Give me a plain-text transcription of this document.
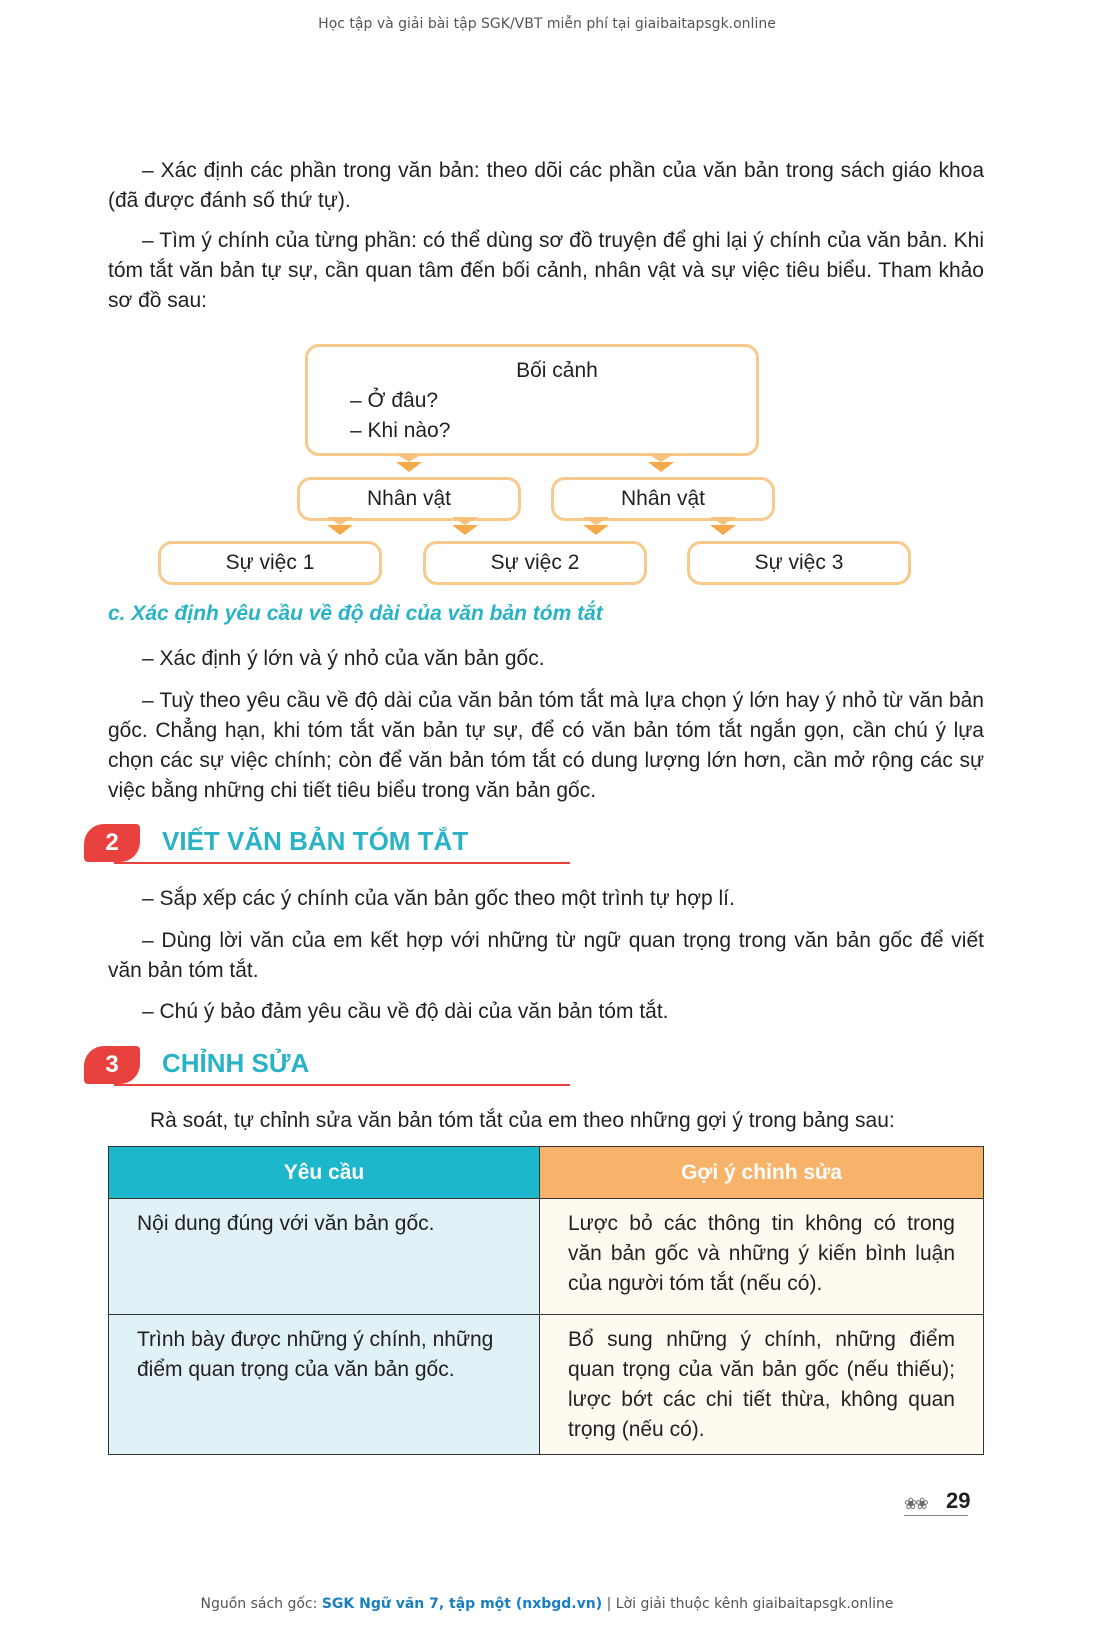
Học tập và giải bài tập SGK/VBT miễn phí tại giaibaitapsgk.online

– Xác định các phần trong văn bản: theo dõi các phần của văn bản trong sách giáo khoa (đã được đánh số thứ tự).

– Tìm ý chính của từng phần: có thể dùng sơ đồ truyện để ghi lại ý chính của văn bản. Khi tóm tắt văn bản tự sự, cần quan tâm đến bối cảnh, nhân vật và sự việc tiêu biểu. Tham khảo sơ đồ sau:

Bối cảnh
– Ở đâu?
– Khi nào?
Nhân vật	Nhân vật
Sự việc 1	Sự việc 2	Sự việc 3
c. Xác định yêu cầu về độ dài của văn bản tóm tắt

– Xác định ý lớn và ý nhỏ của văn bản gốc.

– Tuỳ theo yêu cầu về độ dài của văn bản tóm tắt mà lựa chọn ý lớn hay ý nhỏ từ văn bản gốc. Chẳng hạn, khi tóm tắt văn bản tự sự, để có văn bản tóm tắt ngắn gọn, cần chú ý lựa chọn các sự việc chính; còn để văn bản tóm tắt có dung lượng lớn hơn, cần mở rộng các sự việc bằng những chi tiết tiêu biểu trong văn bản gốc.

2	VIẾT VĂN BẢN TÓM TẮT

– Sắp xếp các ý chính của văn bản gốc theo một trình tự hợp lí.

– Dùng lời văn của em kết hợp với những từ ngữ quan trọng trong văn bản gốc để viết văn bản tóm tắt.

– Chú ý bảo đảm yêu cầu về độ dài của văn bản tóm tắt.

3	CHỈNH SỬA

Rà soát, tự chỉnh sửa văn bản tóm tắt của em theo những gợi ý trong bảng sau:

Yêu cầu	Gợi ý chỉnh sửa
Nội dung đúng với văn bản gốc.	Lược bỏ các thông tin không có trong văn bản gốc và những ý kiến bình luận của người tóm tắt (nếu có).
Trình bày được những ý chính, những điểm quan trọng của văn bản gốc.	Bổ sung những ý chính, những điểm quan trọng của văn bản gốc (nếu thiếu); lược bớt các chi tiết thừa, không quan trọng (nếu có).
❀❀ 29
Nguồn sách gốc: SGK Ngữ văn 7, tập một (nxbgd.vn) | Lời giải thuộc kênh giaibaitapsgk.online
